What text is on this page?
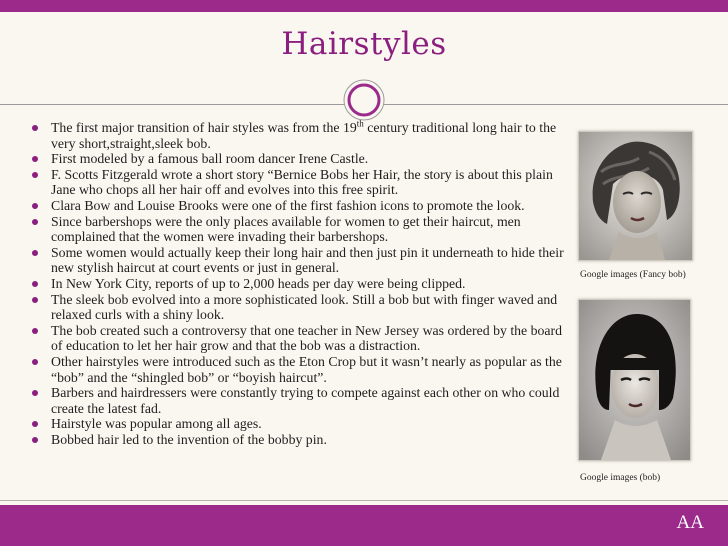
Hairstyles
The first major transition of hair styles was from the 19th century traditional long hair to the very short,straight,sleek bob.
First modeled by a famous ball room dancer Irene Castle.
F. Scotts Fitzgerald wrote a short story “Bernice Bobs her Hair, the story is about this plain Jane who chops all her hair off and evolves into this free spirit.
Clara Bow and Louise Brooks were one of the first fashion icons to promote the look.
Since barbershops were the only places available for women to get their haircut, men complained that the women were invading their barbershops.
Some women would actually keep their long hair and then just pin it underneath to hide their new stylish haircut at court events or just in general.
In New York City, reports of up to 2,000 heads per day were being clipped.
The sleek bob evolved into a more sophisticated look. Still a bob but with finger waved and relaxed curls with a shiny look.
The bob created such a controversy that one teacher in New Jersey was ordered by the board of education to let her hair grow and that the bob was a distraction.
Other hairstyles were introduced such as the Eton Crop but it wasn’t nearly as popular as the “bob” and the “shingled bob” or “boyish haircut”.
Barbers and hairdressers were constantly trying to compete against each other on who could create the latest fad.
Hairstyle was popular among all ages.
Bobbed hair led to the invention of the bobby pin.
Google images (Fancy bob)
Google images (bob)
AA
